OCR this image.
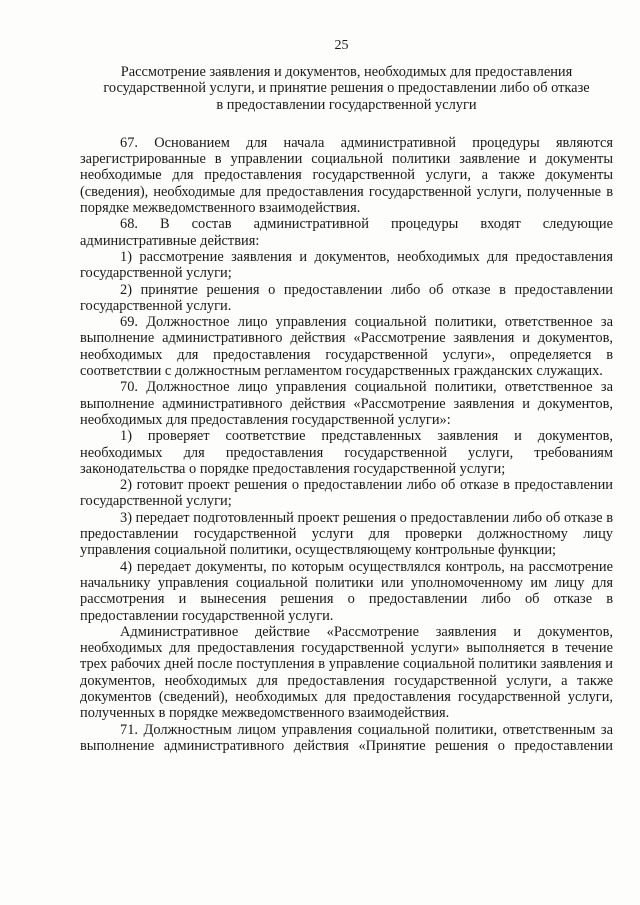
25
Рассмотрение заявления и документов, необходимых для предоставления
государственной услуги, и принятие решения о предоставлении либо об отказе
в предоставлении государственной услуги
67. Основанием для начала административной процедуры являются зарегистрированные в управлении социальной политики заявление и документы необходимые для предоставления государственной услуги, а также документы (сведения), необходимые для предоставления государственной услуги, полученные в порядке межведомственного взаимодействия.
68. В состав административной процедуры входят следующие административные действия:
1) рассмотрение заявления и документов, необходимых для предоставления государственной услуги;
2) принятие решения о предоставлении либо об отказе в предоставлении государственной услуги.
69. Должностное лицо управления социальной политики, ответственное за выполнение административного действия «Рассмотрение заявления и документов, необходимых для предоставления государственной услуги», определяется в соответствии с должностным регламентом государственных гражданских служащих.
70. Должностное лицо управления социальной политики, ответственное за выполнение административного действия «Рассмотрение заявления и документов, необходимых для предоставления государственной услуги»:
1) проверяет соответствие представленных заявления и документов, необходимых для предоставления государственной услуги, требованиям законодательства о порядке предоставления государственной услуги;
2) готовит проект решения о предоставлении либо об отказе в предоставлении государственной услуги;
3) передает подготовленный проект решения о предоставлении либо об отказе в предоставлении государственной услуги для проверки должностному лицу управления социальной политики, осуществляющему контрольные функции;
4) передает документы, по которым осуществлялся контроль, на рассмотрение начальнику управления социальной политики или уполномоченному им лицу для рассмотрения и вынесения решения о предоставлении либо об отказе в предоставлении государственной услуги.
Административное действие «Рассмотрение заявления и документов, необходимых для предоставления государственной услуги» выполняется в течение трех рабочих дней после поступления в управление социальной политики заявления и документов, необходимых для предоставления государственной услуги, а также документов (сведений), необходимых для предоставления государственной услуги, полученных в порядке межведомственного взаимодействия.
71. Должностным лицом управления социальной политики, ответственным за выполнение административного действия «Принятие решения о предоставлении
